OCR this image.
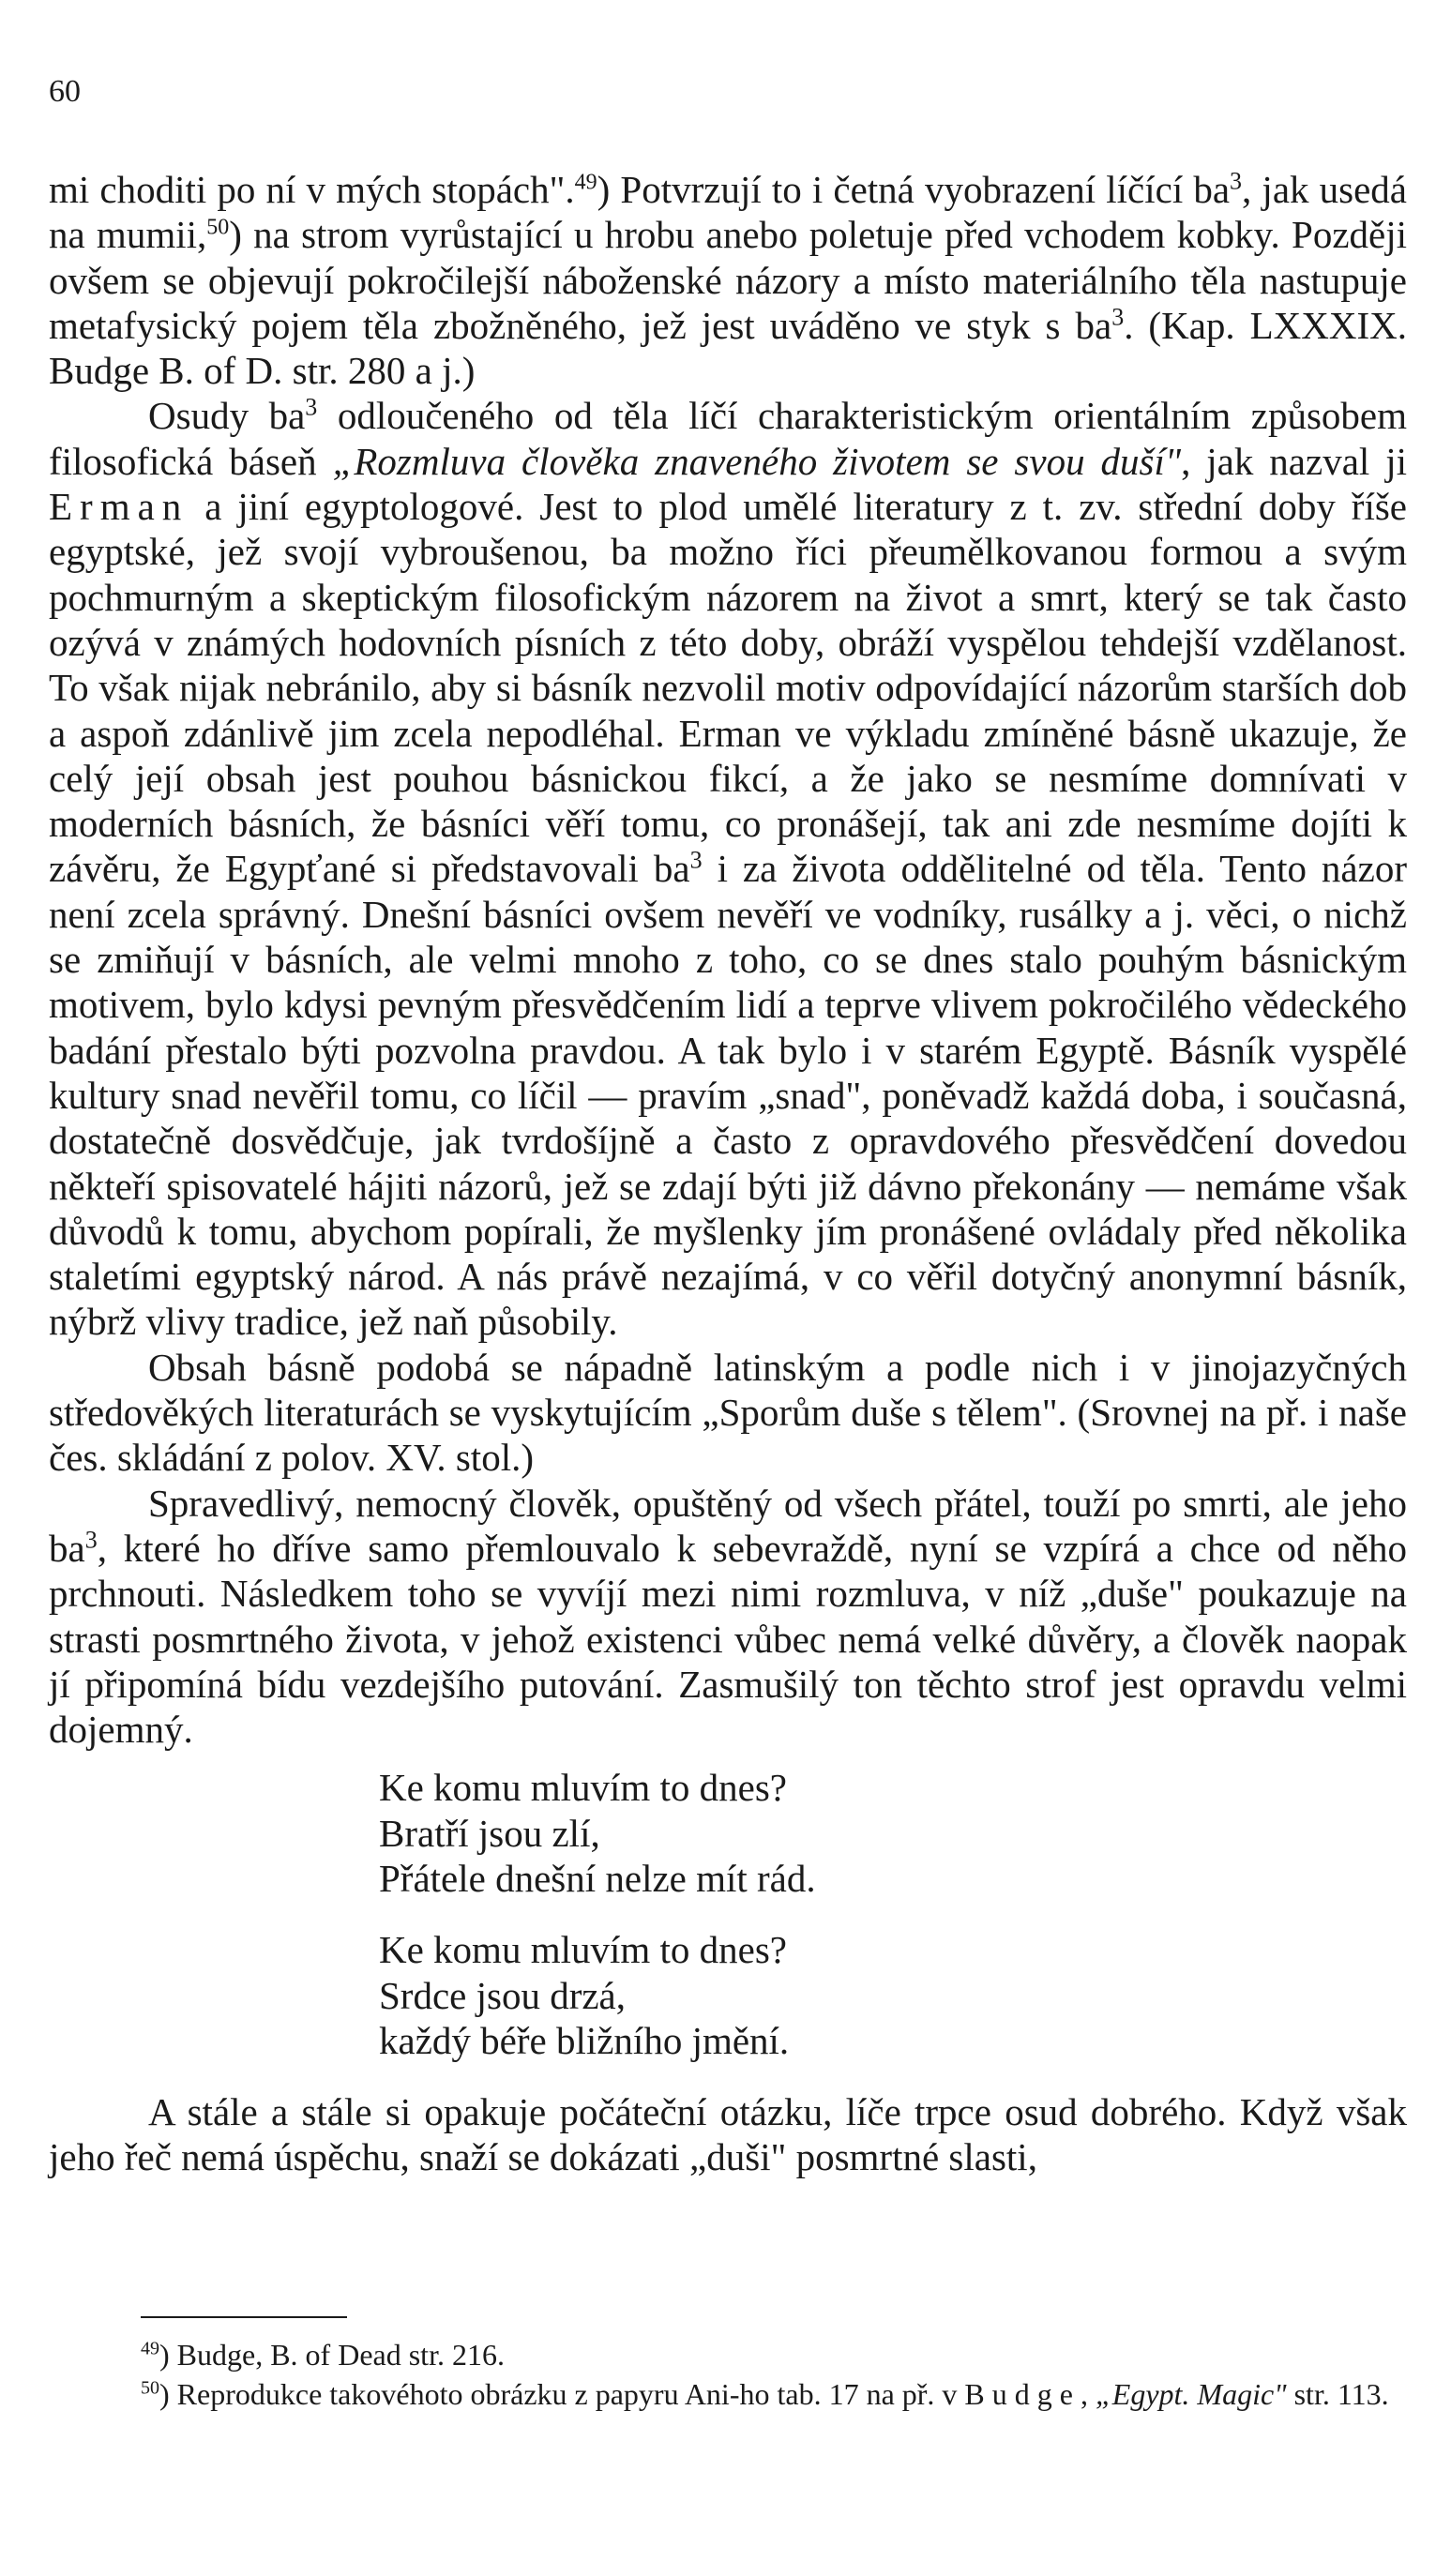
60

mi choditi po ní v mých stopách".$^{49}$) Potvrzují to i četná vyobrazení líčící $ba^3$, jak usedá na mumii,$^{50}$) na strom vyrůstající u hrobu anebo poletuje před vchodem kobky. Později ovšem se objevují pokročilejší náboženské názory a místo materiálního těla nastupuje metafysický pojem těla zbožněného, jež jest uváděno ve styk s $ba^3$. (Kap. LXXXIX. Budge B. of D. str. 280 a j.)

Osudy $ba^3$ odloučeného od těla líčí charakteristickým orientálním způsobem filosofická báseň „Rozmluva člověka znaveného životem se svou duší", jak nazval ji Erman a jiní egyptologové. Jest to plod umělé literatury z t. zv. střední doby říše egyptské, jež svojí vybroušenou, ba možno říci přeumělkovanou formou a svým pochmurným a skeptickým filosofickým názorem na život a smrt, který se tak často ozývá v známých hodovních písních z této doby, obráží vyspělou tehdejší vzdělanost. To však nijak nebránilo, aby si básník nezvolil motiv odpovídající názorům starších dob a aspoň zdánlivě jim zcela nepodléhal. Erman ve výkladu zmíněné básně ukazuje, že celý její obsah jest pouhou básnickou fikcí, a že jako se nesmíme domnívati v moderních básních, že básníci věří tomu, co pronášejí, tak ani zde nesmíme dojíti k závěru, že Egypťané si představovali $ba^3$ i za života oddělitelné od těla. Tento názor není zcela správný. Dnešní básníci ovšem nevěří ve vodníky, rusálky a j. věci, o nichž se zmiňují v básních, ale velmi mnoho z toho, co se dnes stalo pouhým básnickým motivem, bylo kdysi pevným přesvědčením lidí a teprve vlivem pokročilého vědeckého badání přestalo býti pozvolna pravdou. A tak bylo i v starém Egyptě. Básník vyspělé kultury snad nevěřil tomu, co líčil — pravím „snad", poněvadž každá doba, i současná, dostatečně dosvědčuje, jak tvrdošíjně a často z opravdového přesvědčení dovedou někteří spisovatelé hájiti názorů, jež se zdají býti již dávno překonány — nemáme však důvodů k tomu, abychom popírali, že myšlenky jím pronášené ovládaly před několika staletími egyptský národ. A nás právě nezajímá, v co věřil dotyčný anonymní básník, nýbrž vlivy tradice, jež naň působily.

Obsah básně podobá se nápadně latinským a podle nich i v jinojazyčných středověkých literaturách se vyskytujícím „Sporům duše s tělem". (Srovnej na př. i naše čes. skládání z polov. XV. stol.)

Spravedlivý, nemocný člověk, opuštěný od všech přátel, touží po smrti, ale jeho $ba^3$, které ho dříve samo přemlouvalo k sebevraždě, nyní se vzpírá a chce od něho prchnouti. Následkem toho se vyvíjí mezi nimi rozmluva, v níž „duše" poukazuje na strasti posmrtného života, v jehož existenci vůbec nemá velké důvěry, a člověk naopak jí připomíná bídu vezdejšího putování. Zasmušilý ton těchto strof jest opravdu velmi dojemný.

Ke komu mluvím to dnes?
Bratří jsou zlí,
Přátele dnešní nelze mít rád.
Ke komu mluvím to dnes?
Srdce jsou drzá,
každý béře bližního jmění.

A stále a stále si opakuje počáteční otázku, líče trpce osud dobrého. Když však jeho řeč nemá úspěchu, snaží se dokázati „duši" posmrtné slasti,

$^{49}$) Budge, B. of Dead str. 216.

$^{50}$) Reprodukce takovéhoto obrázku z papyru Ani-ho tab. 17 na př. v Budge, „Egypt. Magic" str. 113.
